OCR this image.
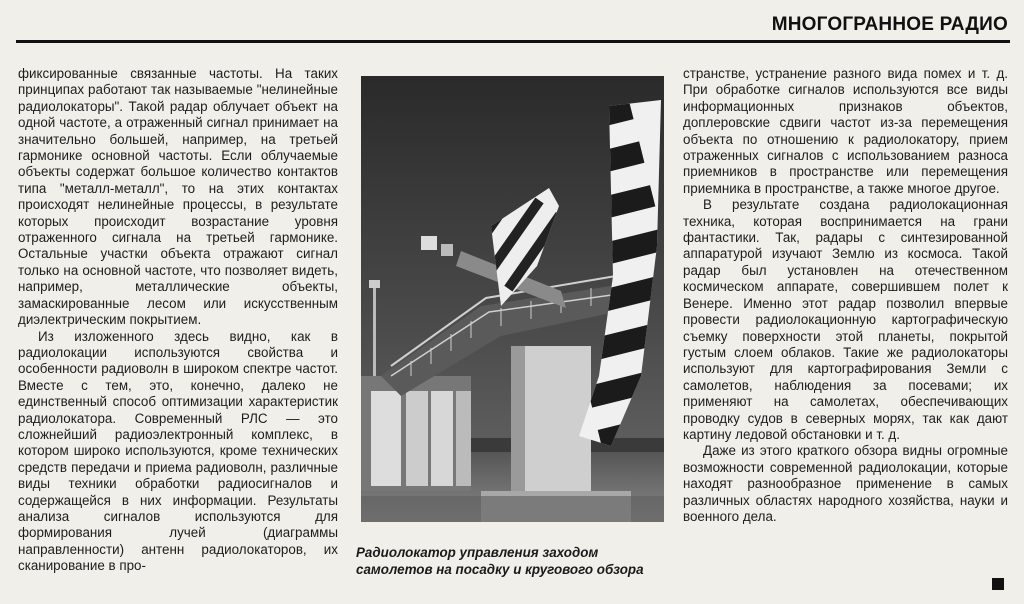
МНОГОГРАННОЕ РАДИО

фиксированные связанные частоты. На таких принципах работают так называемые "нелинейные радиолокаторы". Такой радар облучает объект на одной частоте, а отраженный сигнал принимает на значительно большей, например, на третьей гармонике основной частоты. Если облучаемые объекты содержат большое количество контактов типа "металл-металл", то на этих контактах происходят нелинейные процессы, в результате которых происходит возрастание уровня отраженного сигнала на третьей гармонике. Остальные участки объекта отражают сигнал только на основной частоте, что позволяет видеть, например, металлические объекты, замаскированные лесом или искусственным диэлектрическим покрытием.

Из изложенного здесь видно, как в радиолокации используются свойства и особенности радиоволн в широком спектре частот. Вместе с тем, это, конечно, далеко не единственный способ оптимизации характеристик радиолокатора. Современный РЛС — это сложнейший радиоэлектронный комплекс, в котором широко используются, кроме технических средств передачи и приема радиоволн, различные виды техники обработки радиосигналов и содержащейся в них информации. Результаты анализа сигналов используются для формирования лучей (диаграммы направленности) антенн радиолокаторов, их сканирование в про-

Радиолокатор управления заходом самолетов на посадку и кругового обзора

странстве, устранение разного вида помех и т. д. При обработке сигналов используются все виды информационных признаков объектов, доплеровские сдвиги частот из-за перемещения объекта по отношению к радиолокатору, прием отраженных сигналов с использованием разноса приемников в пространстве или перемещения приемника в пространстве, а также многое другое.

В результате создана радиолокационная техника, которая воспринимается на грани фантастики. Так, радары с синтезированной аппаратурой изучают Землю из космоса. Такой радар был установлен на отечественном космическом аппарате, совершившем полет к Венере. Именно этот радар позволил впервые провести радиолокационную картографическую съемку поверхности этой планеты, покрытой густым слоем облаков. Такие же радиолокаторы используют для картографирования Земли с самолетов, наблюдения за посевами; их применяют на самолетах, обеспечивающих проводку судов в северных морях, так как дают картину ледовой обстановки и т. д.

Даже из этого краткого обзора видны огромные возможности современной радиолокации, которые находят разнообразное применение в самых различных областях народного хозяйства, науки и военного дела.
